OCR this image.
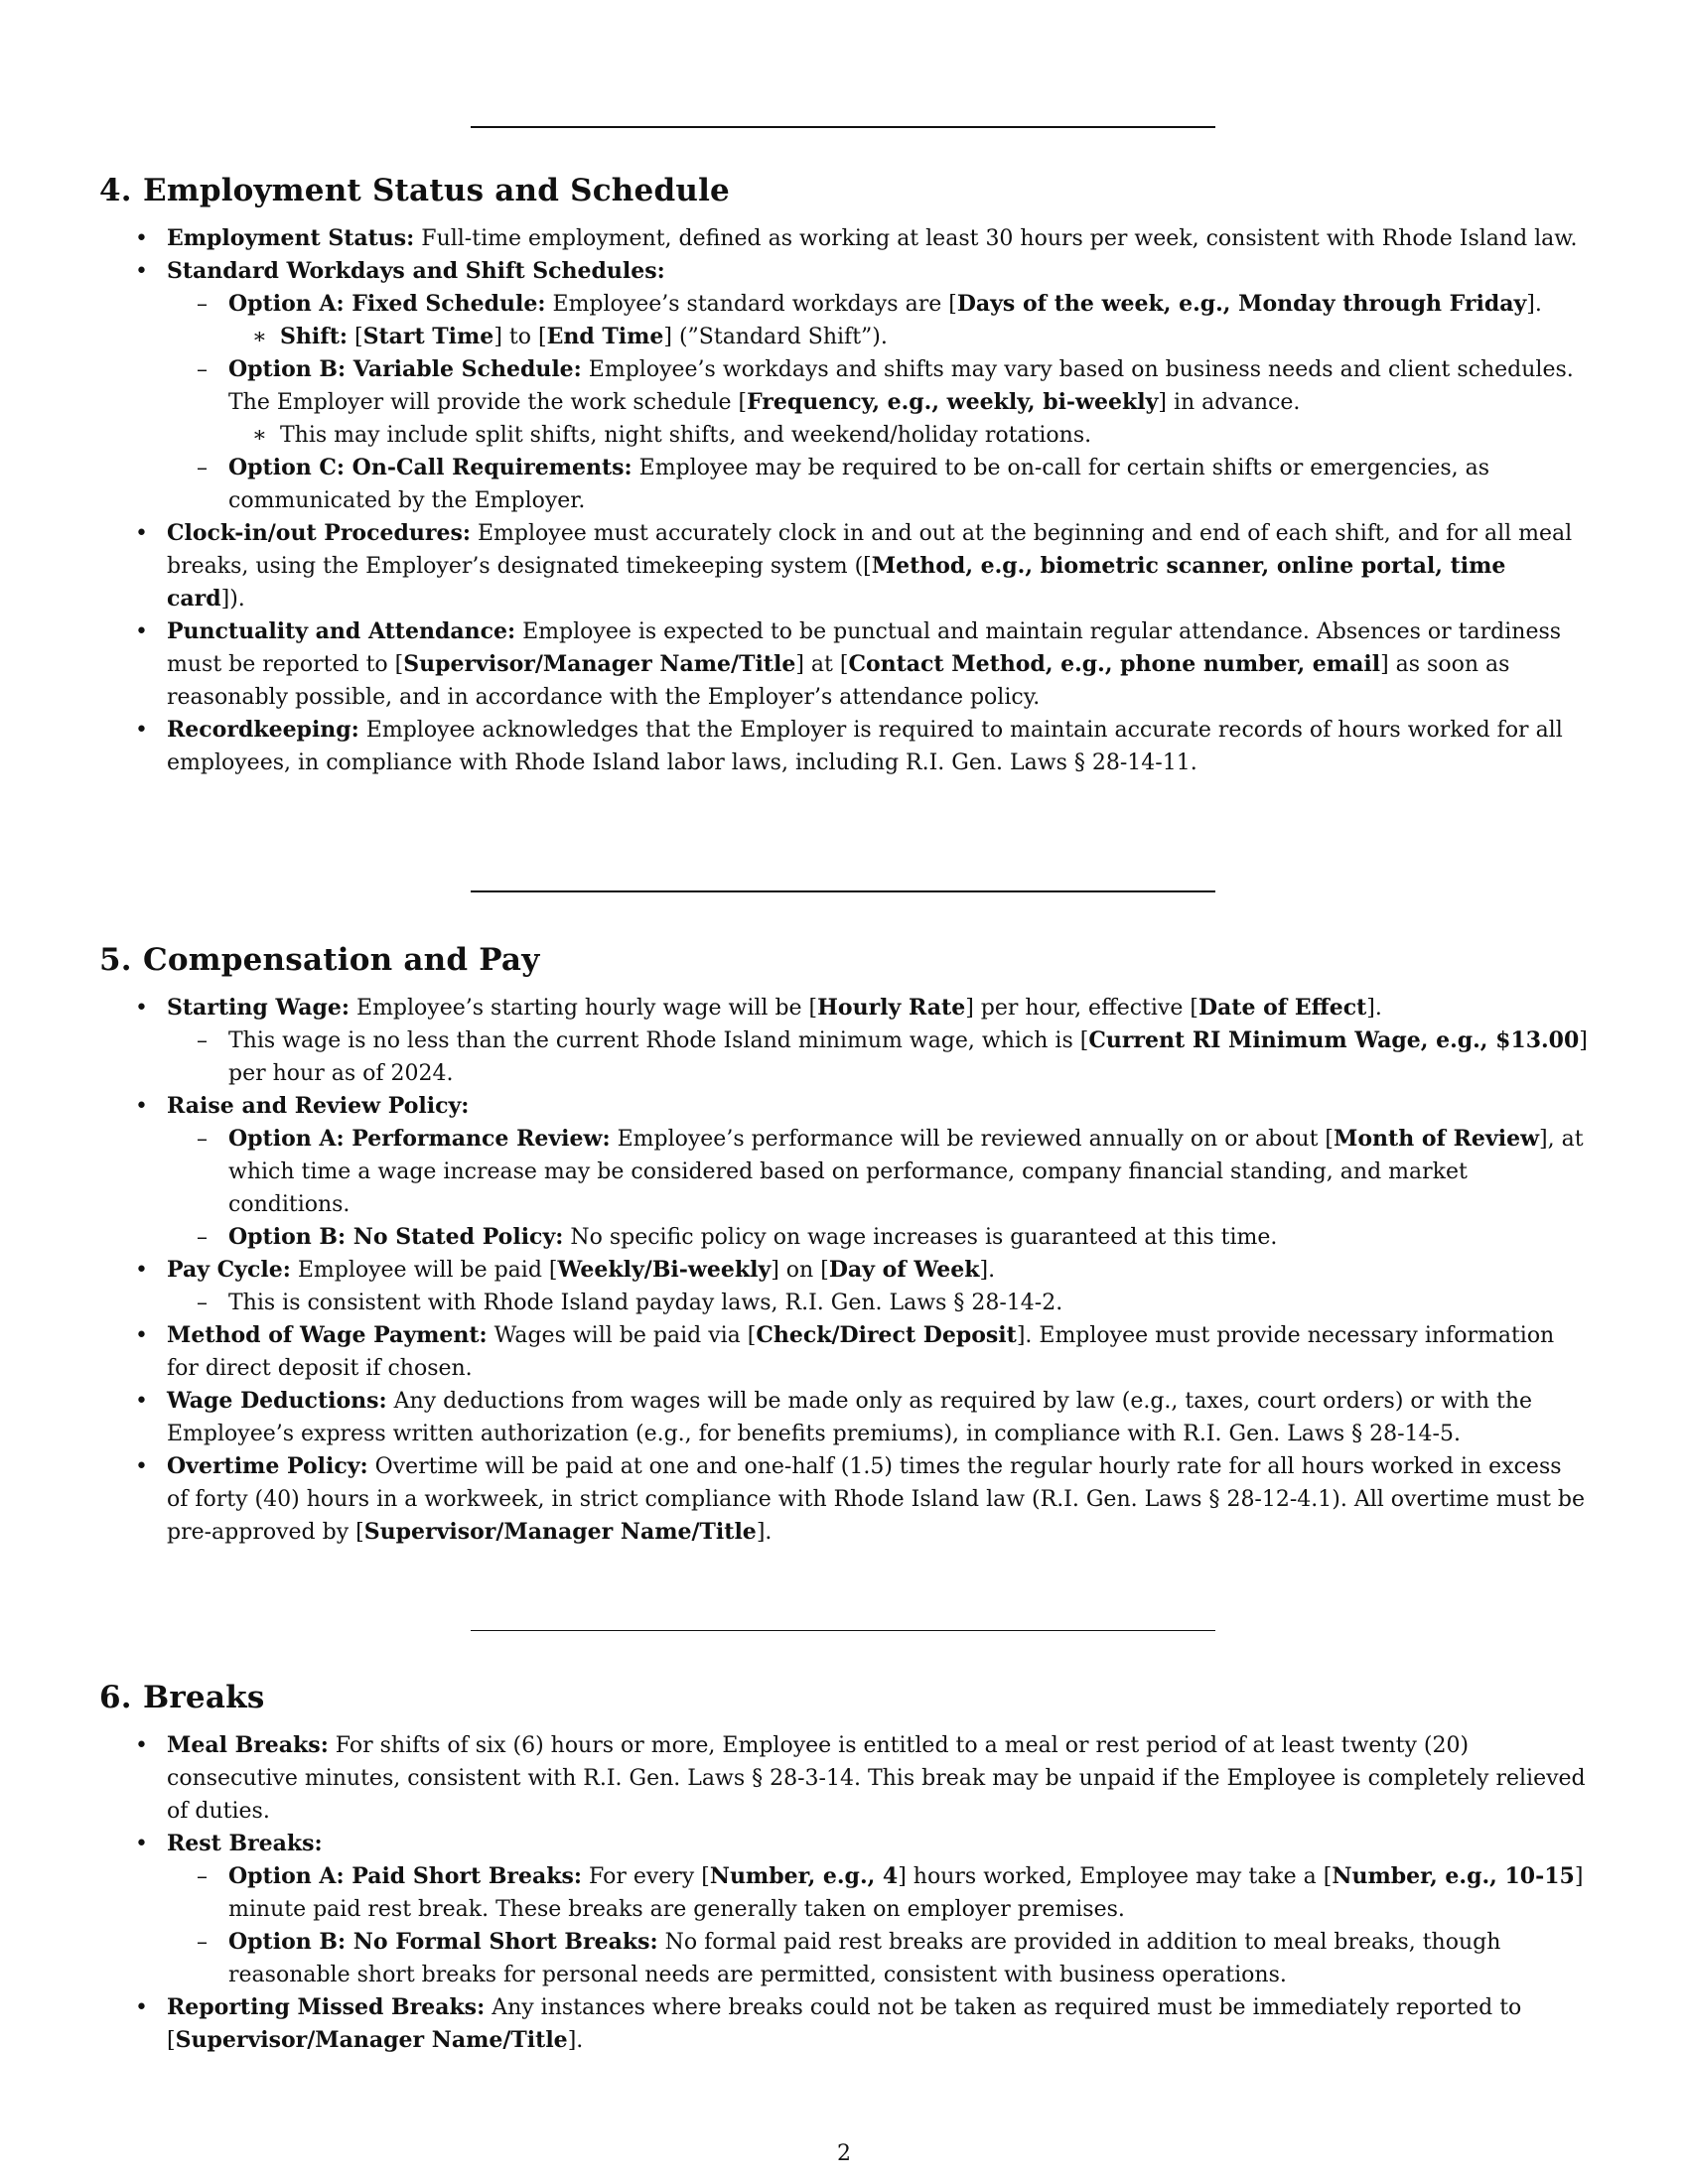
4. Employment Status and Schedule
• Employment Status: Full-time employment, defined as working at least 30 hours per week, consistent with Rhode Island law.
• Standard Workdays and Shift Schedules:
– Option A: Fixed Schedule: Employee’s standard workdays are [Days of the week, e.g., Monday through Friday].
∗ Shift: [Start Time] to [End Time] (”Standard Shift”).
– Option B: Variable Schedule: Employee’s workdays and shifts may vary based on business needs and client schedules. The Employer will provide the work schedule [Frequency, e.g., weekly, bi-weekly] in advance.
∗ This may include split shifts, night shifts, and weekend/holiday rotations.
– Option C: On-Call Requirements: Employee may be required to be on-call for certain shifts or emergencies, as communicated by the Employer.
• Clock-in/out Procedures: Employee must accurately clock in and out at the beginning and end of each shift, and for all meal breaks, using the Employer’s designated timekeeping system ([Method, e.g., biometric scanner, online portal, time card]).
• Punctuality and Attendance: Employee is expected to be punctual and maintain regular attendance. Absences or tardiness must be reported to [Supervisor/Manager Name/Title] at [Contact Method, e.g., phone number, email] as soon as reasonably possible, and in accordance with the Employer’s attendance policy.
• Recordkeeping: Employee acknowledges that the Employer is required to maintain accurate records of hours worked for all employees, in compliance with Rhode Island labor laws, including R.I. Gen. Laws § 28-14-11.
5. Compensation and Pay
• Starting Wage: Employee’s starting hourly wage will be [Hourly Rate] per hour, effective [Date of Effect].
– This wage is no less than the current Rhode Island minimum wage, which is [Current RI Minimum Wage, e.g., $13.00] per hour as of 2024.
• Raise and Review Policy:
– Option A: Performance Review: Employee’s performance will be reviewed annually on or about [Month of Review], at which time a wage increase may be considered based on performance, company financial standing, and market conditions.
– Option B: No Stated Policy: No specific policy on wage increases is guaranteed at this time.
• Pay Cycle: Employee will be paid [Weekly/Bi-weekly] on [Day of Week].
– This is consistent with Rhode Island payday laws, R.I. Gen. Laws § 28-14-2.
• Method of Wage Payment: Wages will be paid via [Check/Direct Deposit]. Employee must provide necessary information for direct deposit if chosen.
• Wage Deductions: Any deductions from wages will be made only as required by law (e.g., taxes, court orders) or with the Employee’s express written authorization (e.g., for benefits premiums), in compliance with R.I. Gen. Laws § 28-14-5.
• Overtime Policy: Overtime will be paid at one and one-half (1.5) times the regular hourly rate for all hours worked in excess of forty (40) hours in a workweek, in strict compliance with Rhode Island law (R.I. Gen. Laws § 28-12-4.1). All overtime must be pre-approved by [Supervisor/Manager Name/Title].
6. Breaks
• Meal Breaks: For shifts of six (6) hours or more, Employee is entitled to a meal or rest period of at least twenty (20) consecutive minutes, consistent with R.I. Gen. Laws § 28-3-14. This break may be unpaid if the Employee is completely relieved of duties.
• Rest Breaks:
– Option A: Paid Short Breaks: For every [Number, e.g., 4] hours worked, Employee may take a [Number, e.g., 10-15] minute paid rest break. These breaks are generally taken on employer premises.
– Option B: No Formal Short Breaks: No formal paid rest breaks are provided in addition to meal breaks, though reasonable short breaks for personal needs are permitted, consistent with business operations.
• Reporting Missed Breaks: Any instances where breaks could not be taken as required must be immediately reported to [Supervisor/Manager Name/Title].
2
